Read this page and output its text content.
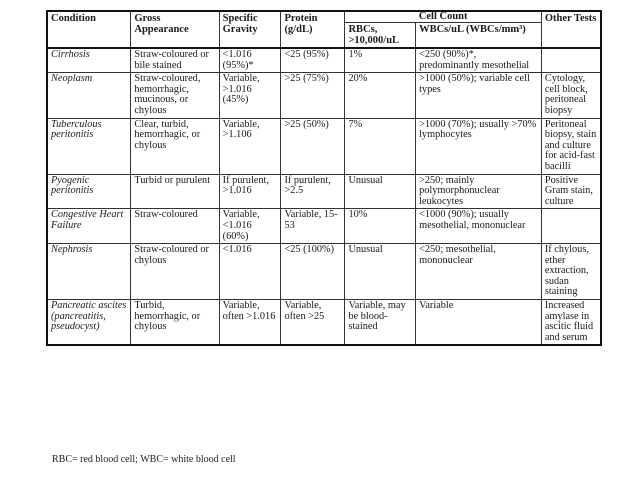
Condition	Gross Appearance	Specific Gravity	Protein (g/dL)	Cell Count		Other Tests
				RBCs, >10,000/uL	WBCs/uL (WBCs/mm³)	
Cirrhosis	Straw-coloured or bile stained	<1.016 (95%)*	<25 (95%)	1%	<250 (90%)*, predominantly mesothelial	
Neoplasm	Straw-coloured, hemorrhagic, mucinous, or chylous	Variable, >1.016 (45%)	>25 (75%)	20%	>1000 (50%); variable cell types	Cytology, cell block, peritoneal biopsy
Tuberculous peritonitis	Clear, turbid, hemorrhagic, or chylous	Variable, >1.106	>25 (50%)	7%	>1000 (70%); usually >70% lymphocytes	Peritoneal biopsy, stain and culture for acid-fast bacilli
Pyogenic peritonitis	Turbid or purulent	If purulent, >1.016	If purulent, >2.5	Unusual	>250; mainly polymorphonuclear leukocytes	Positive Gram stain, culture
Congestive Heart Failure	Straw-coloured	Variable, <1.016 (60%)	Variable, 15-53	10%	<1000 (90%); usually mesothelial, mononuclear	
Nephrosis	Straw-coloured or chylous	<1.016	<25 (100%)	Unusual	<250; mesothelial, mononuclear	If chylous, ether extraction, sudan staining
Pancreatic ascites (pancreatitis, pseudocyst)	Turbid, hemorrhagic, or chylous	Variable, often >1.016	Variable, often >25	Variable, may be blood-stained	Variable	Increased amylase in ascitic fluid and serum
RBC= red blood cell; WBC= white blood cell
